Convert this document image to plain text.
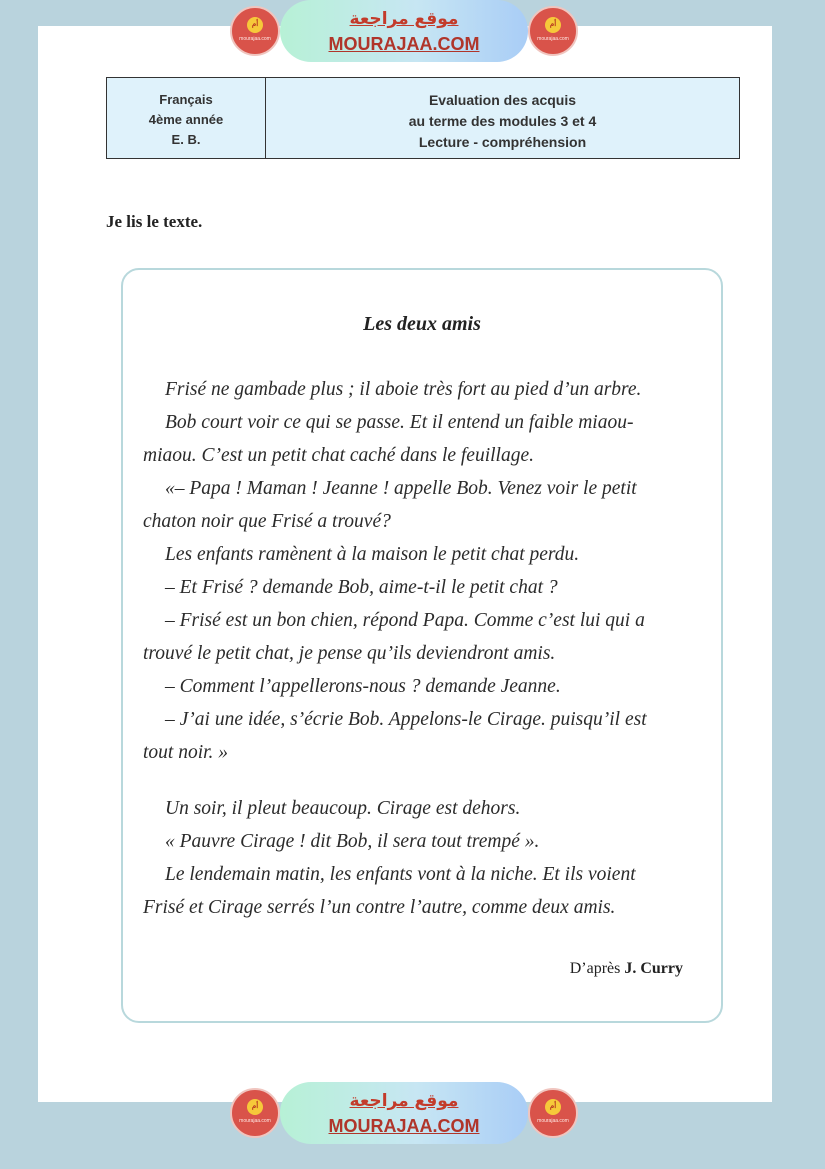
أم
mourajaa.com
موقع مراجعة
MOURAJAA.COM
أم
mourajaa.com
Français
4ème année
E. B.
Evaluation des acquis
au terme des modules 3 et 4
Lecture - compréhension
Je lis le texte.
Les deux amis

Frisé ne gambade plus ; il aboie très fort au pied d’un arbre.

Bob court voir ce qui se passe. Et il entend un faible miaou-

miaou. C’est un petit chat caché dans le feuillage.

«– Papa ! Maman ! Jeanne ! appelle Bob. Venez voir le petit

chaton noir que Frisé a trouvé?

Les enfants ramènent à la maison le petit chat perdu.

– Et Frisé ? demande Bob, aime-t-il le petit chat ?

– Frisé est un bon chien, répond Papa. Comme c’est lui qui a

trouvé le petit chat, je pense qu’ils deviendront amis.

– Comment l’appellerons-nous ? demande Jeanne.

– J’ai une idée, s’écrie Bob. Appelons-le Cirage. puisqu’il est

tout noir. »

Un soir, il pleut beaucoup. Cirage est dehors.

« Pauvre Cirage ! dit Bob, il sera tout trempé ».

Le lendemain matin, les enfants vont à la niche. Et ils voient

Frisé et Cirage serrés l’un contre l’autre, comme deux amis.

D’après J. Curry
أم
mourajaa.com
موقع مراجعة
MOURAJAA.COM
أم
mourajaa.com
